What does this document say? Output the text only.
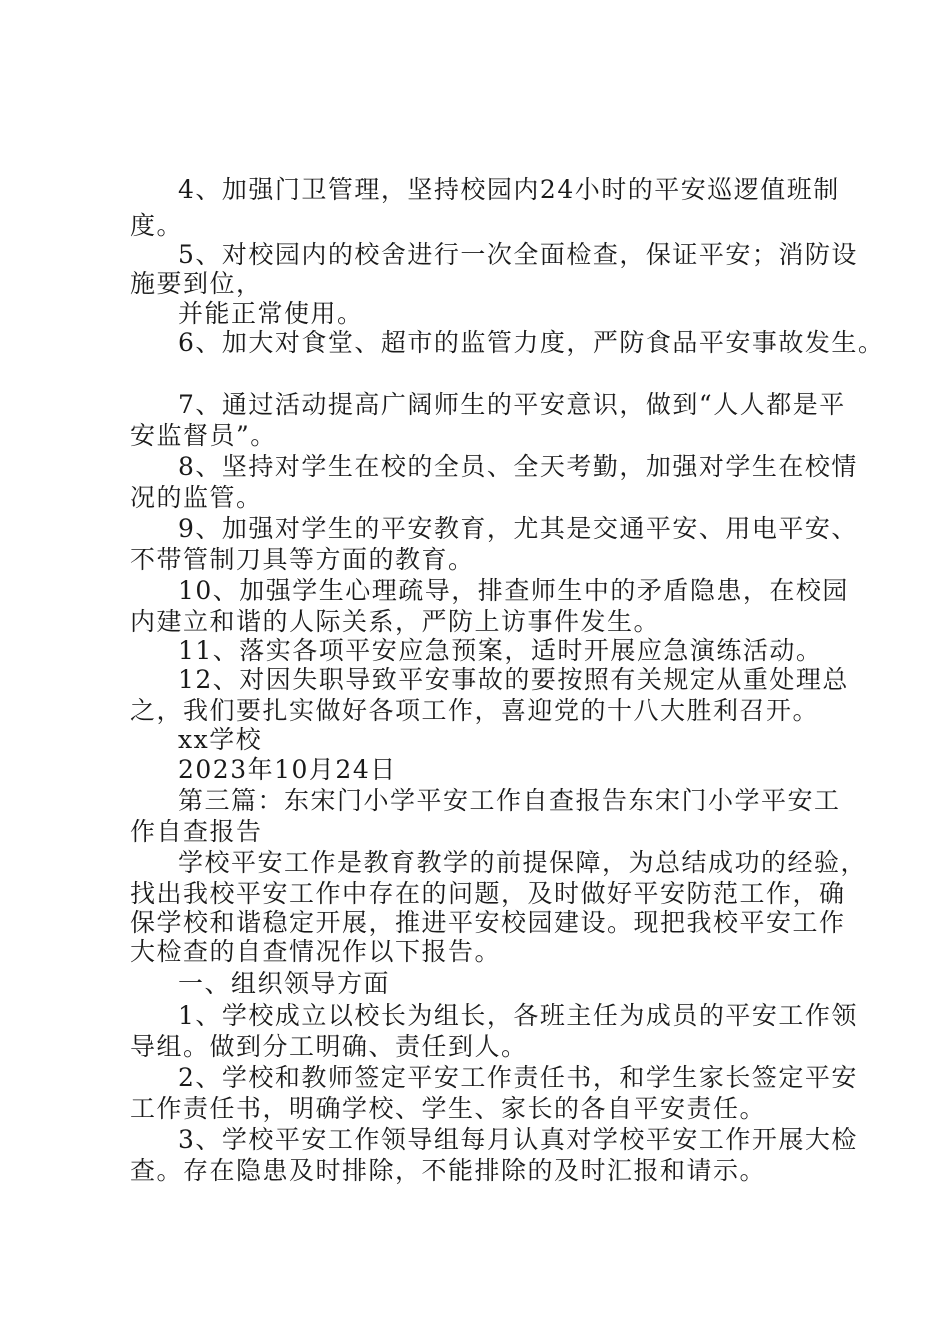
4、加强门卫管理，坚持校园内24小时的平安巡逻值班制
度。
5、对校园内的校舍进行一次全面检查，保证平安；消防设
施要到位，
并能正常使用。
6、加大对食堂、超市的监管力度，严防食品平安事故发生。
7、通过活动提高广阔师生的平安意识，做到“人人都是平
安监督员”。
8、坚持对学生在校的全员、全天考勤，加强对学生在校情
况的监管。
9、加强对学生的平安教育，尤其是交通平安、用电平安、
不带管制刀具等方面的教育。
10、加强学生心理疏导，排查师生中的矛盾隐患，在校园
内建立和谐的人际关系，严防上访事件发生。
11、落实各项平安应急预案，适时开展应急演练活动。
12、对因失职导致平安事故的要按照有关规定从重处理总
之，我们要扎实做好各项工作，喜迎党的十八大胜利召开。
xx学校
2023年10月24日
第三篇：东宋门小学平安工作自查报告东宋门小学平安工
作自查报告
学校平安工作是教育教学的前提保障，为总结成功的经验，
找出我校平安工作中存在的问题，及时做好平安防范工作，确
保学校和谐稳定开展，推进平安校园建设。现把我校平安工作
大检查的自查情况作以下报告。
一、组织领导方面
1、学校成立以校长为组长，各班主任为成员的平安工作领
导组。做到分工明确、责任到人。
2、学校和教师签定平安工作责任书，和学生家长签定平安
工作责任书，明确学校、学生、家长的各自平安责任。
3、学校平安工作领导组每月认真对学校平安工作开展大检
查。存在隐患及时排除，不能排除的及时汇报和请示。
